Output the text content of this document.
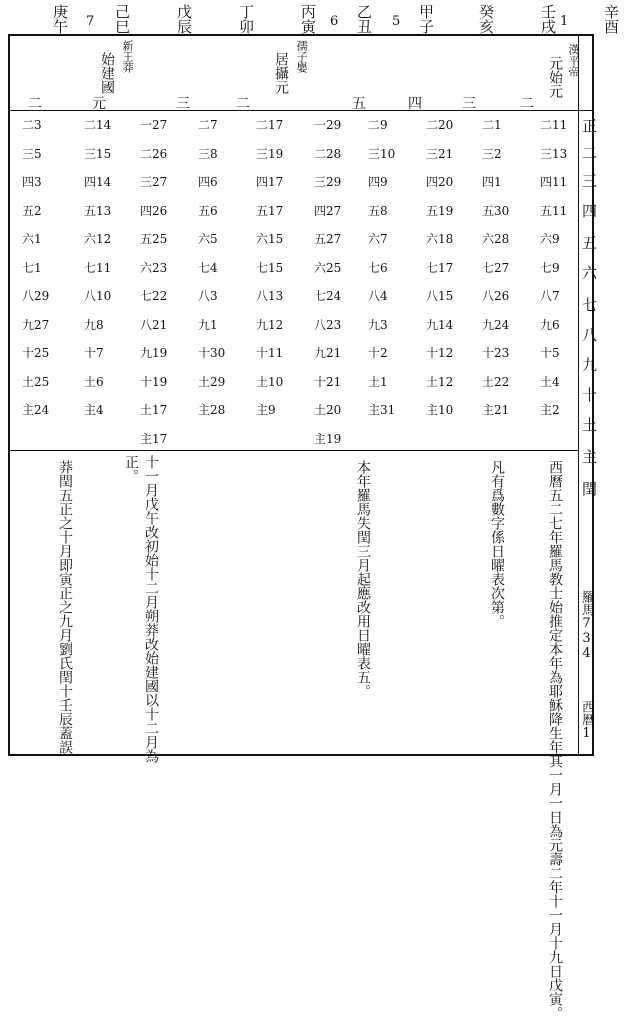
辛酉
壬戌 1
癸亥
甲子
乙丑 5
丙寅 6
丁卯
戊辰
己巳
庚午 7
漢平帝
元始元
孺子嬰
居攝元
新王莽
始建國
正
二
三
四
五
六
七
八
九
十
土
主
閏
二
三
四
五
二
三
元
二
二11
三13
四11
五11
六9
七9
八7
九6
十5
土4
主2
二1
三2
四1
五30
六28
七27
八26
九24
十23
土22
主21
二20
三21
四20
五19
六18
七17
八15
九14
十12
土12
主10
二9
三10
四9
五8
六7
七6
八4
九3
十2
土1
主31
一29
二28
三29
四27
五27
六25
七24
八23
九21
十21
土20
主19
二17
三19
四17
五17
六15
七15
八13
九12
十11
土10
主9
二7
三8
四6
五6
六5
七4
八3
九1
十30
土29
主28
一27
二26
三27
四26
五25
六23
七22
八21
九19
十19
土17
主17
二14
三15
四14
五13
六12
七11
八10
九8
十7
土6
主4
二3
三5
四3
五2
六1
七1
八29
九27
十25
土25
主24
西曆五二七年羅馬教士始推定本年為耶穌降生年其一月一日為元壽二年十一月十九日戊寅。
凡有爲數字係日曜表次第。
本年羅馬失閏三月起應改用日曜表五。
十一月戊午改初始十二月朔莽改始建國以十二月為
正。
莽閏五正之十月即寅正之九月劉氏閏十壬辰蓋誤	羅馬734
西曆1
